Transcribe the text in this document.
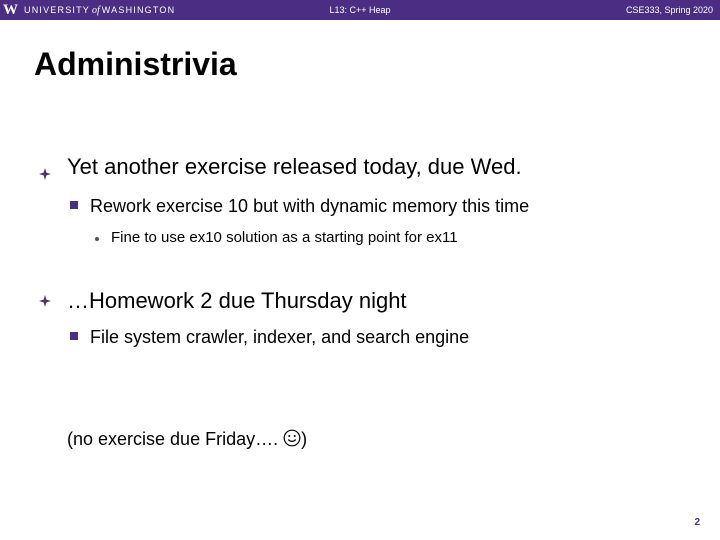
W UNIVERSITY of WASHINGTON	L13: C++ Heap	CSE333, Spring 2020
Administrivia
Yet another exercise released today, due Wed.
Rework exercise 10 but with dynamic memory this time
Fine to use ex10 solution as a starting point for ex11
…Homework 2 due Thursday night
File system crawler, indexer, and search engine
(no exercise due Friday…. )
2
